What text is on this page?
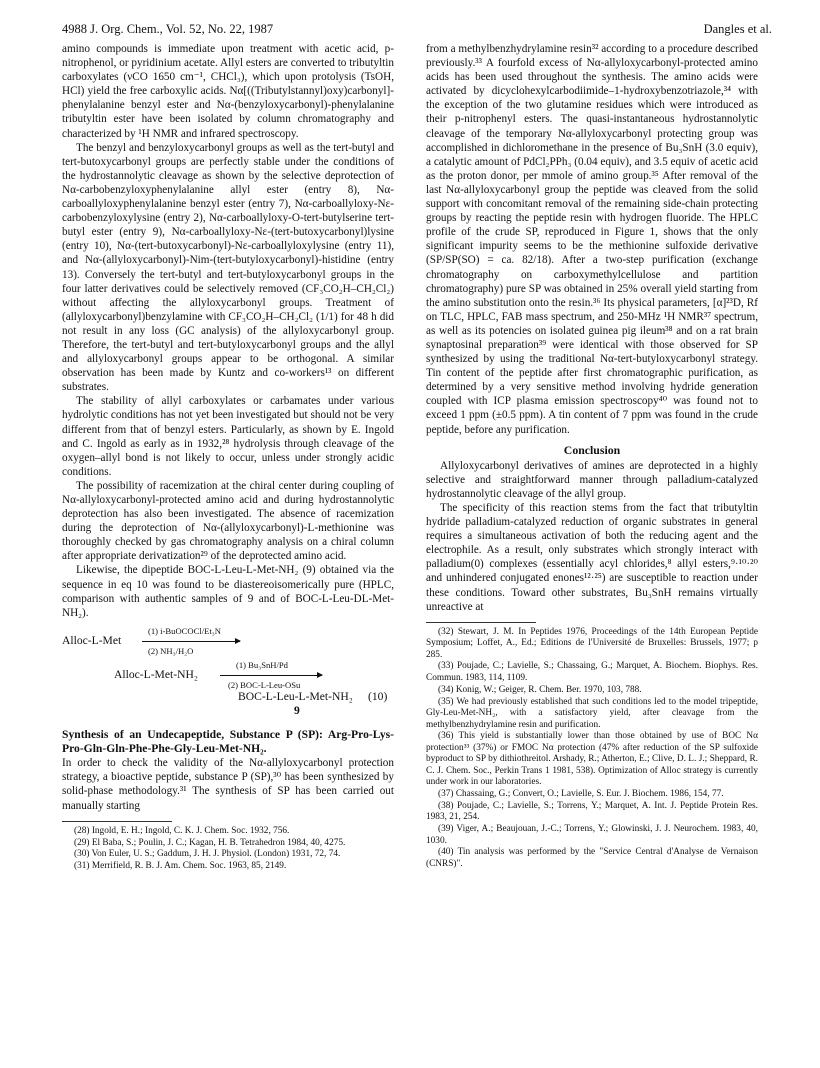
4988 J. Org. Chem., Vol. 52, No. 22, 1987	Dangles et al.

amino compounds is immediate upon treatment with acetic acid, p-nitrophenol, or pyridinium acetate. Allyl esters are converted to tributyltin carboxylates (νCO 1650 cm⁻¹, CHCl₃), which upon protolysis (TsOH, HCl) yield the free carboxylic acids. Nα[((Tributylstannyl)oxy)carbonyl]-phenylalanine benzyl ester and Nα-(benzyloxycarbonyl)-phenylalanine tributyltin ester have been isolated by column chromatography and characterized by ¹H NMR and infrared spectroscopy.

The benzyl and benzyloxycarbonyl groups as well as the tert-butyl and tert-butoxycarbonyl groups are perfectly stable under the conditions of the hydrostannolytic cleavage as shown by the selective deprotection of Nα-carbobenzyloxyphenylalanine allyl ester (entry 8), Nα-carboallyloxyphenylalanine benzyl ester (entry 7), Nα-carboallyloxy-Nε-carbobenzyloxylysine (entry 2), Nα-carboallyloxy-O-tert-butylserine tert-butyl ester (entry 9), Nα-carboallyloxy-Nε-(tert-butoxycarbonyl)lysine (entry 10), Nα-(tert-butoxycarbonyl)-Nε-carboallyloxylysine (entry 11), and Nα-(allyloxycarbonyl)-Nim-(tert-butyloxycarbonyl)-histidine (entry 13). Conversely the tert-butyl and tert-butyloxycarbonyl groups in the four latter derivatives could be selectively removed (CF₃CO₂H–CH₂Cl₂) without affecting the allyloxycarbonyl groups. Treatment of (allyloxycarbonyl)benzylamine with CF₃CO₂H–CH₂Cl₂ (1/1) for 48 h did not result in any loss (GC analysis) of the allyloxycarbonyl group. Therefore, the tert-butyl and tert-butyloxycarbonyl groups and the allyl and allyloxycarbonyl groups appear to be orthogonal. A similar observation has been made by Kuntz and co-workers¹³ on different substrates.

The stability of allyl carboxylates or carbamates under various hydrolytic conditions has not yet been investigated but should not be very different from that of benzyl esters. Particularly, as shown by E. Ingold and C. Ingold as early as in 1932,²⁸ hydrolysis through cleavage of the oxygen–allyl bond is not likely to occur, unless under strongly acidic conditions.

The possibility of racemization at the chiral center during coupling of Nα-allyloxycarbonyl-protected amino acid and during hydrostannolytic deprotection has also been investigated. The absence of racemization during the deprotection of Nα-(allyloxycarbonyl)-L-methionine was thoroughly checked by gas chromatography analysis on a chiral column after appropriate derivatization²⁹ of the deprotected amino acid.

Likewise, the dipeptide BOC-L-Leu-L-Met-NH₂ (9) obtained via the sequence in eq 10 was found to be diastereoisomerically pure (HPLC, comparison with authentic samples of 9 and of BOC-L-Leu-DL-Met-NH₂).

Alloc-L-Met
(1) i-BuOCOCl/Et₃N
(2) NH₃/H₂O
Alloc-L-Met-NH₂
(1) Bu₃SnH/Pd
(2) BOC-L-Leu-OSu
BOC-L-Leu-L-Met-NH₂ (10)
9

Synthesis of an Undecapeptide, Substance P (SP): Arg-Pro-Lys-Pro-Gln-Gln-Phe-Phe-Gly-Leu-Met-NH₂.

In order to check the validity of the Nα-allyloxycarbonyl protection strategy, a bioactive peptide, substance P (SP),³⁰ has been synthesized by solid-phase methodology.³¹ The synthesis of SP has been carried out manually starting

(28) Ingold, E. H.; Ingold, C. K. J. Chem. Soc. 1932, 756.
(29) El Baba, S.; Poulin, J. C.; Kagan, H. B. Tetrahedron 1984, 40, 4275.
(30) Von Euler, U. S.; Gaddum, J. H. J. Physiol. (London) 1931, 72, 74.
(31) Merrifield, R. B. J. Am. Chem. Soc. 1963, 85, 2149.

from a methylbenzhydrylamine resin³² according to a procedure described previously.³³ A fourfold excess of Nα-allyloxycarbonyl-protected amino acids has been used throughout the synthesis. The amino acids were activated by dicyclohexylcarbodiimide–1-hydroxybenzotriazole,³⁴ with the exception of the two glutamine residues which were introduced as their p-nitrophenyl esters. The quasi-instantaneous hydrostannolytic cleavage of the temporary Nα-allyloxycarbonyl protecting group was accomplished in dichloromethane in the presence of Bu₃SnH (3.0 equiv), a catalytic amount of PdCl₂PPh₃ (0.04 equiv), and 3.5 equiv of acetic acid as the proton donor, per mmole of amino group.³⁵ After removal of the last Nα-allyloxycarbonyl group the peptide was cleaved from the solid support with concomitant removal of the remaining side-chain protecting groups by reacting the peptide resin with hydrogen fluoride. The HPLC profile of the crude SP, reproduced in Figure 1, shows that the only significant impurity seems to be the methionine sulfoxide derivative (SP/SP(SO) = ca. 82/18). After a two-step purification (exchange chromatography on carboxymethylcellulose and partition chromatography) pure SP was obtained in 25% overall yield starting from the amino substitution onto the resin.³⁶ Its physical parameters, [α]²³D, Rf on TLC, HPLC, FAB mass spectrum, and 250-MHz ¹H NMR³⁷ spectrum, as well as its potencies on isolated guinea pig ileum³⁸ and on a rat brain synaptosinal preparation³⁹ were identical with those observed for SP synthesized by using the traditional Nα-tert-butyloxycarbonyl strategy. Tin content of the peptide after first chromatographic purification, as determined by a very sensitive method involving hydride generation coupled with ICP plasma emission spectroscopy⁴⁰ was found not to exceed 1 ppm (±0.5 ppm). A tin content of 7 ppm was found in the crude peptide, before any purification.

Conclusion

Allyloxycarbonyl derivatives of amines are deprotected in a highly selective and straightforward manner through palladium-catalyzed hydrostannolytic cleavage of the allyl group.

The specificity of this reaction stems from the fact that tributyltin hydride palladium-catalyzed reduction of organic substrates in general requires a simultaneous activation of both the reducing agent and the electrophile. As a result, only substrates which strongly interact with palladium(0) complexes (essentially acyl chlorides,⁸ allyl esters,⁹·¹⁰·²⁰ and unhindered conjugated enones¹²·²⁵) are susceptible to reaction under these conditions. Toward other substrates, Bu₃SnH remains virtually unreactive at

(32) Stewart, J. M. In Peptides 1976, Proceedings of the 14th European Peptide Symposium; Loffet, A., Ed.; Editions de l'Université de Bruxelles: Brussels, 1977; p 285.
(33) Poujade, C.; Lavielle, S.; Chassaing, G.; Marquet, A. Biochem. Biophys. Res. Commun. 1983, 114, 1109.
(34) Konig, W.; Geiger, R. Chem. Ber. 1970, 103, 788.
(35) We had previously established that such conditions led to the model tripeptide, Gly-Leu-Met-NH₂, with a satisfactory yield, after cleavage from the methylbenzhydrylamine resin and purification.
(36) This yield is substantially lower than those obtained by use of BOC Nα protection³³ (37%) or FMOC Nα protection (47% after reduction of the SP sulfoxide byproduct to SP by dithiothreitol. Arshady, R.; Atherton, E.; Clive, D. L. J.; Sheppard, R. C. J. Chem. Soc., Perkin Trans 1 1981, 538). Optimization of Alloc strategy is currently under work in our laboratories.
(37) Chassaing, G.; Convert, O.; Lavielle, S. Eur. J. Biochem. 1986, 154, 77.
(38) Poujade, C.; Lavielle, S.; Torrens, Y.; Marquet, A. Int. J. Peptide Protein Res. 1983, 21, 254.
(39) Viger, A.; Beaujouan, J.-C.; Torrens, Y.; Glowinski, J. J. Neurochem. 1983, 40, 1030.
(40) Tin analysis was performed by the "Service Central d'Analyse de Vernaison (CNRS)".
